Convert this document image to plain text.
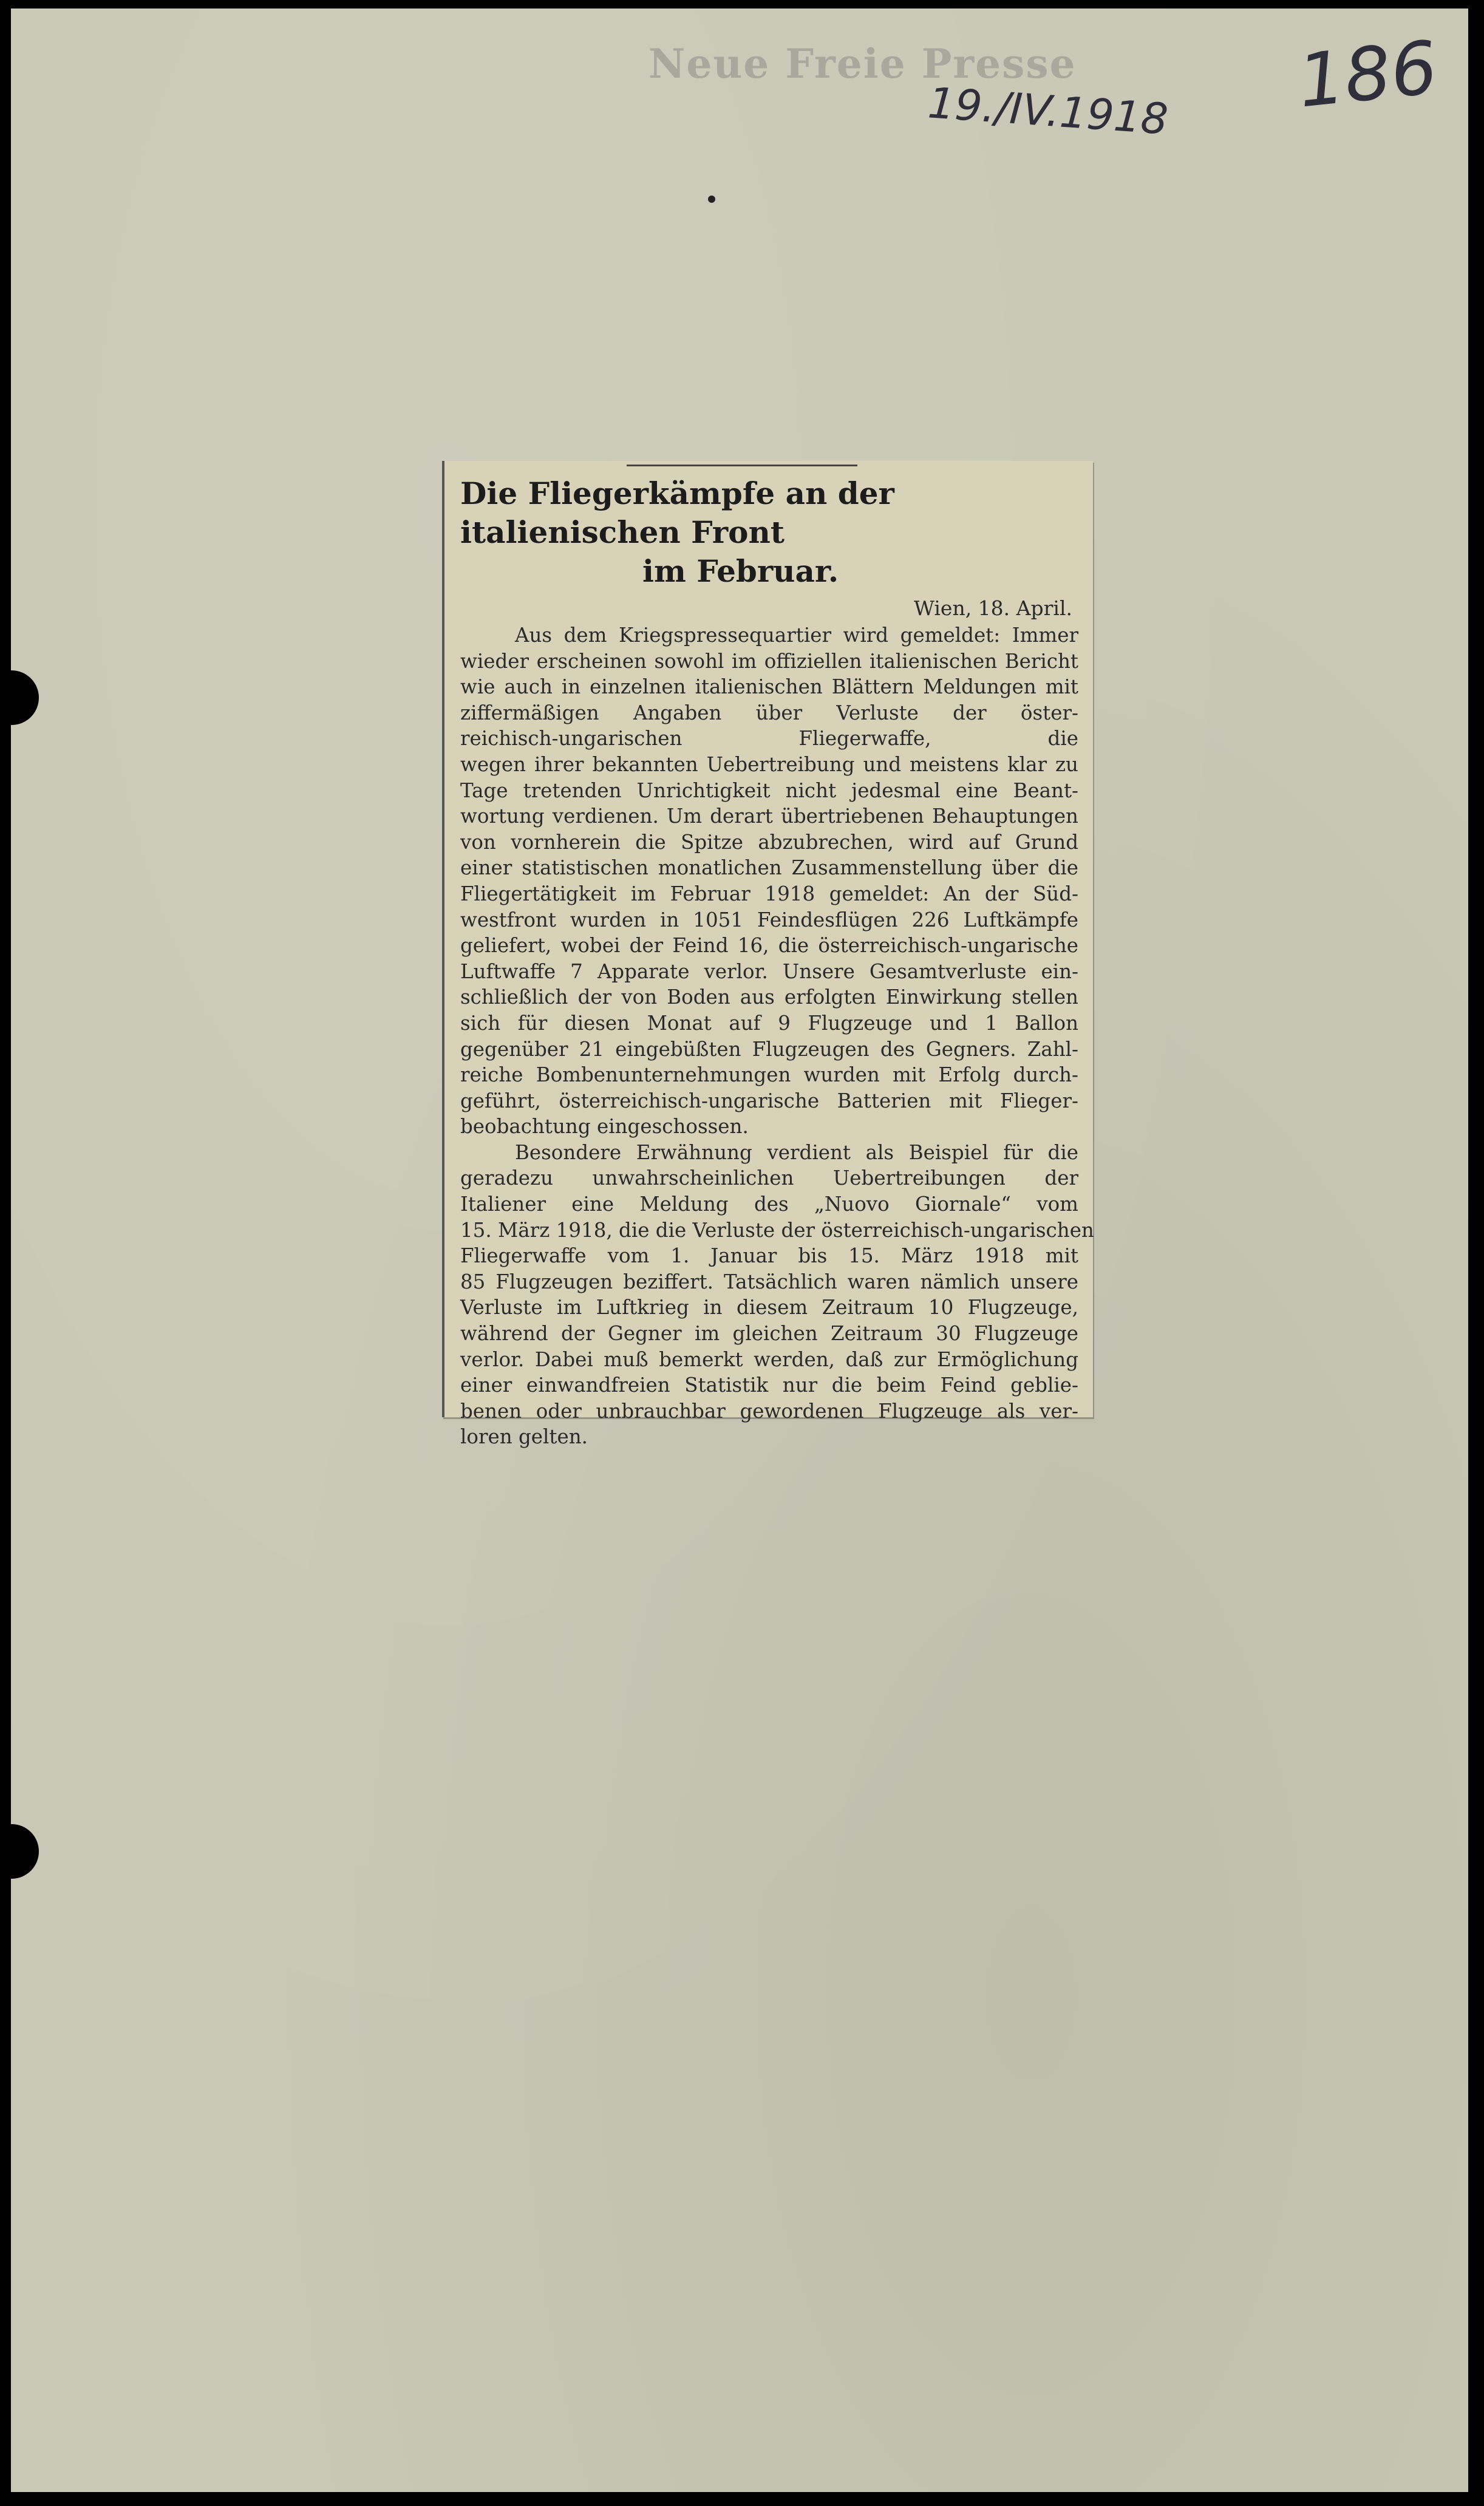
Neue Freie Presse
19./IV.1918 186
Die Fliegerkämpfe an der italienischen Front
im Februar.
Wien, 18. April.

Aus dem Kriegspressequartier wird gemeldet: Immer
wieder erscheinen sowohl im offiziellen italienischen Bericht
wie auch in einzelnen italienischen Blättern Meldungen mit
ziffermäßigen Angaben über Verluste der öster-
reichisch-ungarischen Fliegerwaffe, die
wegen ihrer bekannten Uebertreibung und meistens klar zu
Tage tretenden Unrichtigkeit nicht jedesmal eine Beant-
wortung verdienen. Um derart übertriebenen Behauptungen
von vornherein die Spitze abzubrechen, wird auf Grund
einer statistischen monatlichen Zusammenstellung über die
Fliegertätigkeit im Februar 1918 gemeldet: An der Süd-
westfront wurden in 1051 Feindesflügen 226 Luftkämpfe
geliefert, wobei der Feind 16, die österreichisch-ungarische
Luftwaffe 7 Apparate verlor. Unsere Gesamtverluste ein-
schließlich der von Boden aus erfolgten Einwirkung stellen
sich für diesen Monat auf 9 Flugzeuge und 1 Ballon
gegenüber 21 eingebüßten Flugzeugen des Gegners. Zahl-
reiche Bombenunternehmungen wurden mit Erfolg durch-
geführt, österreichisch-ungarische Batterien mit Flieger-
beobachtung eingeschossen.

Besondere Erwähnung verdient als Beispiel für die
geradezu unwahrscheinlichen Uebertreibungen der
Italiener eine Meldung des „Nuovo Giornale“ vom
15. März 1918, die die Verluste der österreichisch-ungarischen
Fliegerwaffe vom 1. Januar bis 15. März 1918 mit
85 Flugzeugen beziffert. Tatsächlich waren nämlich unsere
Verluste im Luftkrieg in diesem Zeitraum 10 Flugzeuge,
während der Gegner im gleichen Zeitraum 30 Flugzeuge
verlor. Dabei muß bemerkt werden, daß zur Ermöglichung
einer einwandfreien Statistik nur die beim Feind geblie-
benen oder unbrauchbar gewordenen Flugzeuge als ver-
loren gelten.
